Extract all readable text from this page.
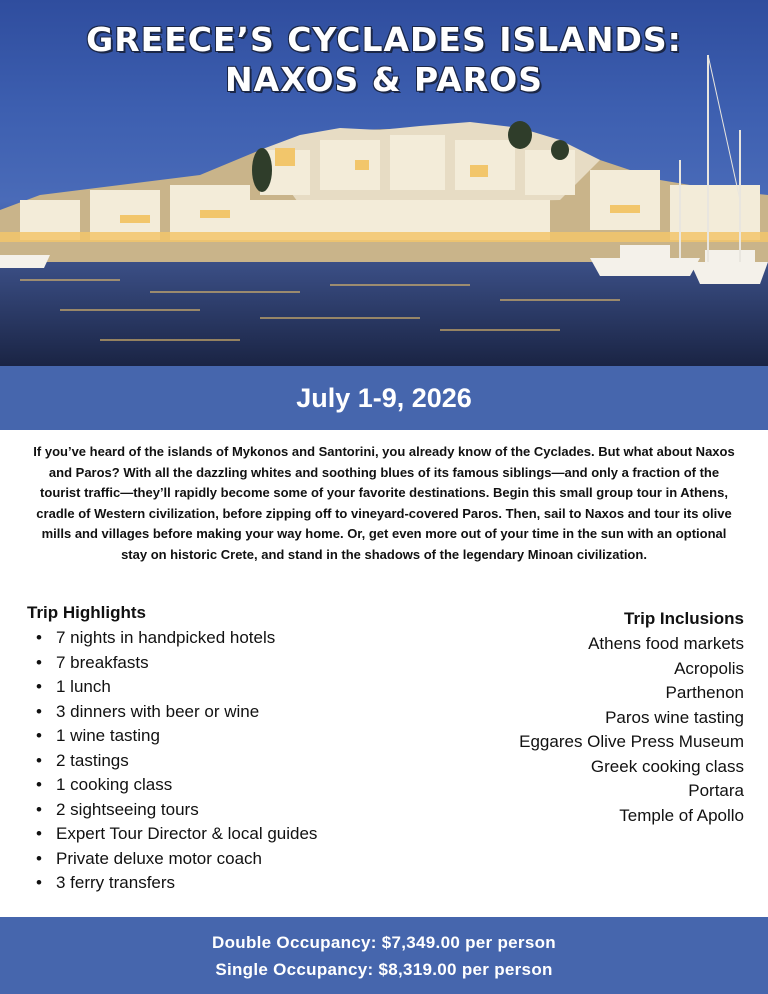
GREECE’S CYCLADES ISLANDS:
NAXOS & PAROS
July 1-9, 2026

If you’ve heard of the islands of Mykonos and Santorini, you already know of the Cyclades. But what about Naxos and Paros? With all the dazzling whites and soothing blues of its famous siblings—and only a fraction of the tourist traffic—they’ll rapidly become some of your favorite destinations. Begin this small group tour in Athens, cradle of Western civilization, before zipping off to vineyard-covered Paros. Then, sail to Naxos and tour its olive mills and villages before making your way home. Or, get even more out of your time in the sun with an optional stay on historic Crete, and stand in the shadows of the legendary Minoan civilization.

Trip Highlights
• 7 nights in handpicked hotels
• 7 breakfasts
• 1 lunch
• 3 dinners with beer or wine
• 1 wine tasting
• 2 tastings
• 1 cooking class
• 2 sightseeing tours
• Expert Tour Director & local guides
• Private deluxe motor coach
• 3 ferry transfers
Trip Inclusions
Athens food markets
Acropolis
Parthenon
Paros wine tasting
Eggares Olive Press Museum
Greek cooking class
Portara
Temple of Apollo
Double Occupancy: $7,349.00 per person
Single Occupancy: $8,319.00 per person
